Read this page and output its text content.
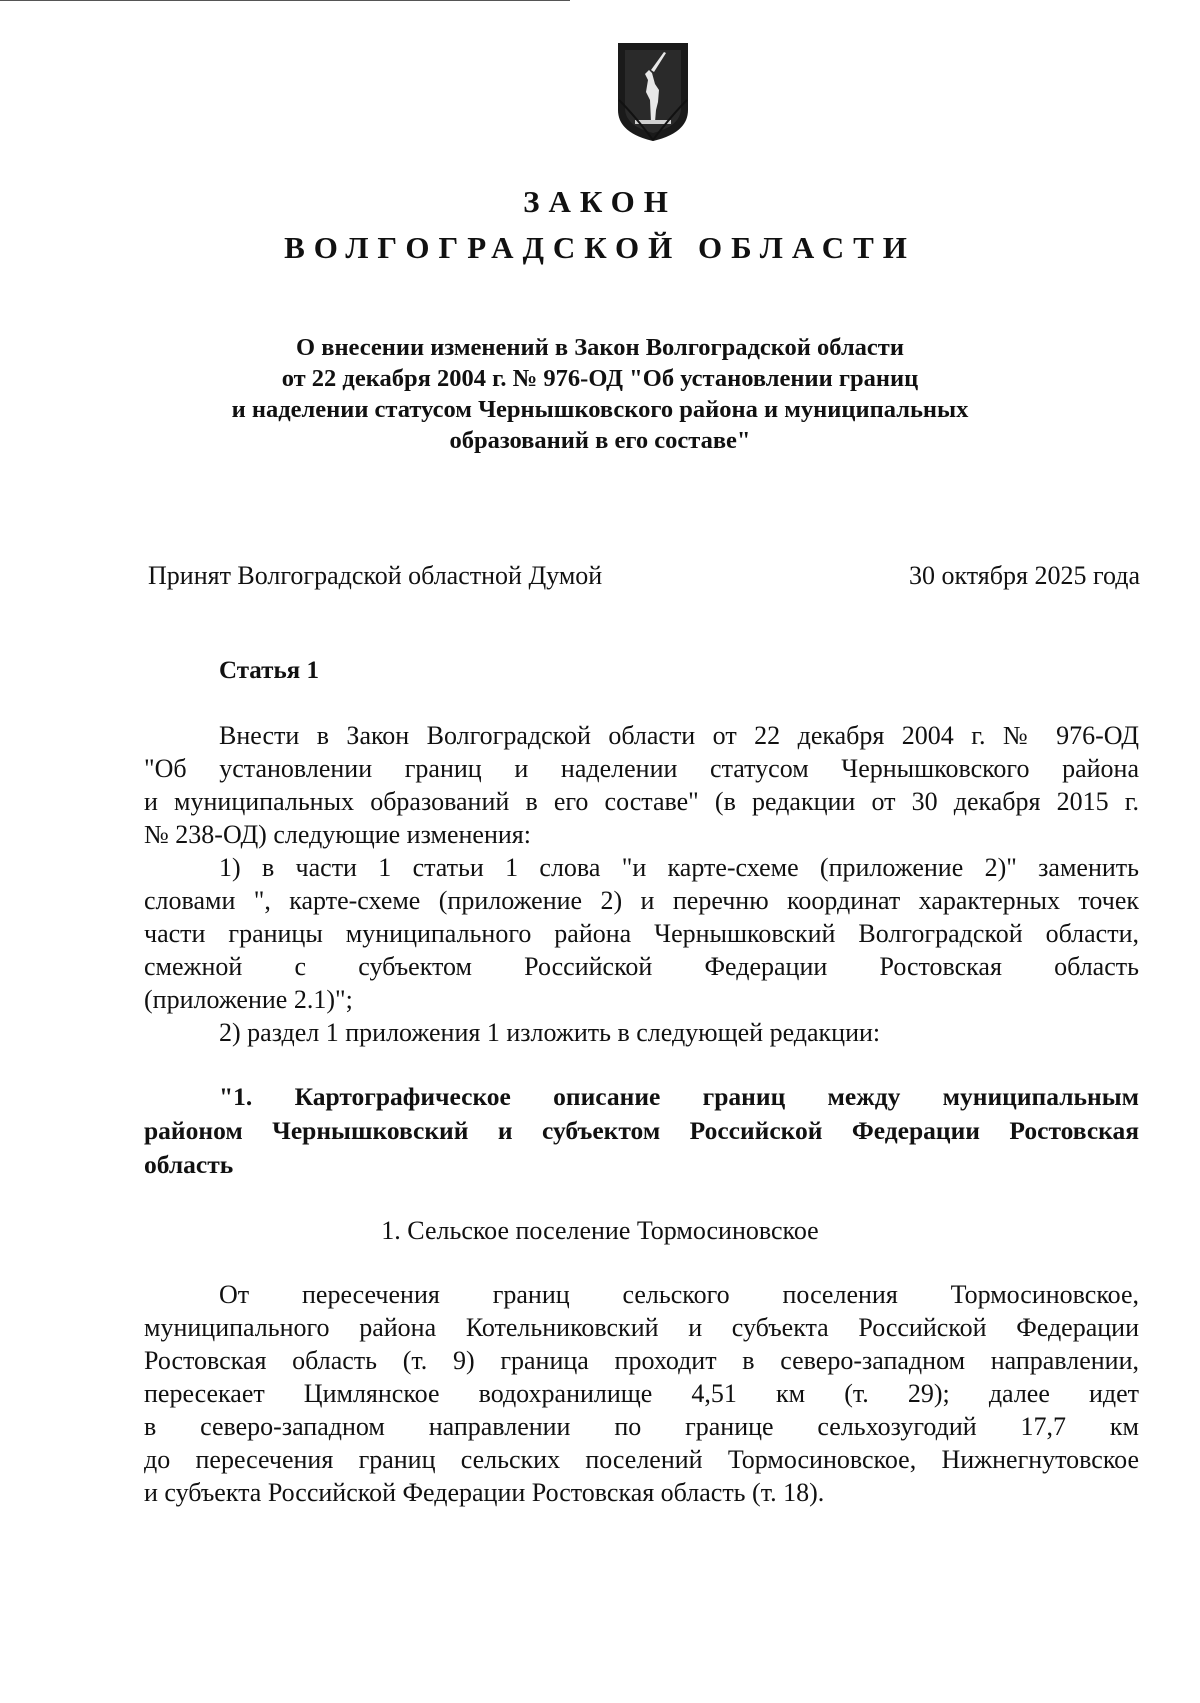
ЗАКОН
ВОЛГОГРАДСКОЙ ОБЛАСТИ
О внесении изменений в Закон Волгоградской области
от 22 декабря 2004 г. № 976-ОД "Об установлении границ
и наделении статусом Чернышковского района и муниципальных
образований в его составе"

Принят Волгоградской областной Думой	30 октября 2025 года

Статья 1

Внести в Закон Волгоградской области от 22 декабря 2004 г. № 976-ОД

"Об установлении границ и наделении статусом Чернышковского района

и муниципальных образований в его составе" (в редакции от 30 декабря 2015 г.

№ 238-ОД) следующие изменения:

1) в части 1 статьи 1 слова "и карте-схеме (приложение 2)" заменить

словами ", карте-схеме (приложение 2) и перечню координат характерных точек

части границы муниципального района Чернышковский Волгоградской области,

смежной с субъектом Российской Федерации Ростовская область

(приложение 2.1)";

2) раздел 1 приложения 1 изложить в следующей редакции:

"1. Картографическое описание границ между муниципальным

районом Чернышковский и субъектом Российской Федерации Ростовская

область

1. Сельское поселение Тормосиновское

От пересечения границ сельского поселения Тормосиновское,

муниципального района Котельниковский и субъекта Российской Федерации

Ростовская область (т. 9) граница проходит в северо-западном направлении,

пересекает Цимлянское водохранилище 4,51 км (т. 29); далее идет

в северо-западном направлении по границе сельхозугодий 17,7 км

до пересечения границ сельских поселений Тормосиновское, Нижнегнутовское

и субъекта Российской Федерации Ростовская область (т. 18).
